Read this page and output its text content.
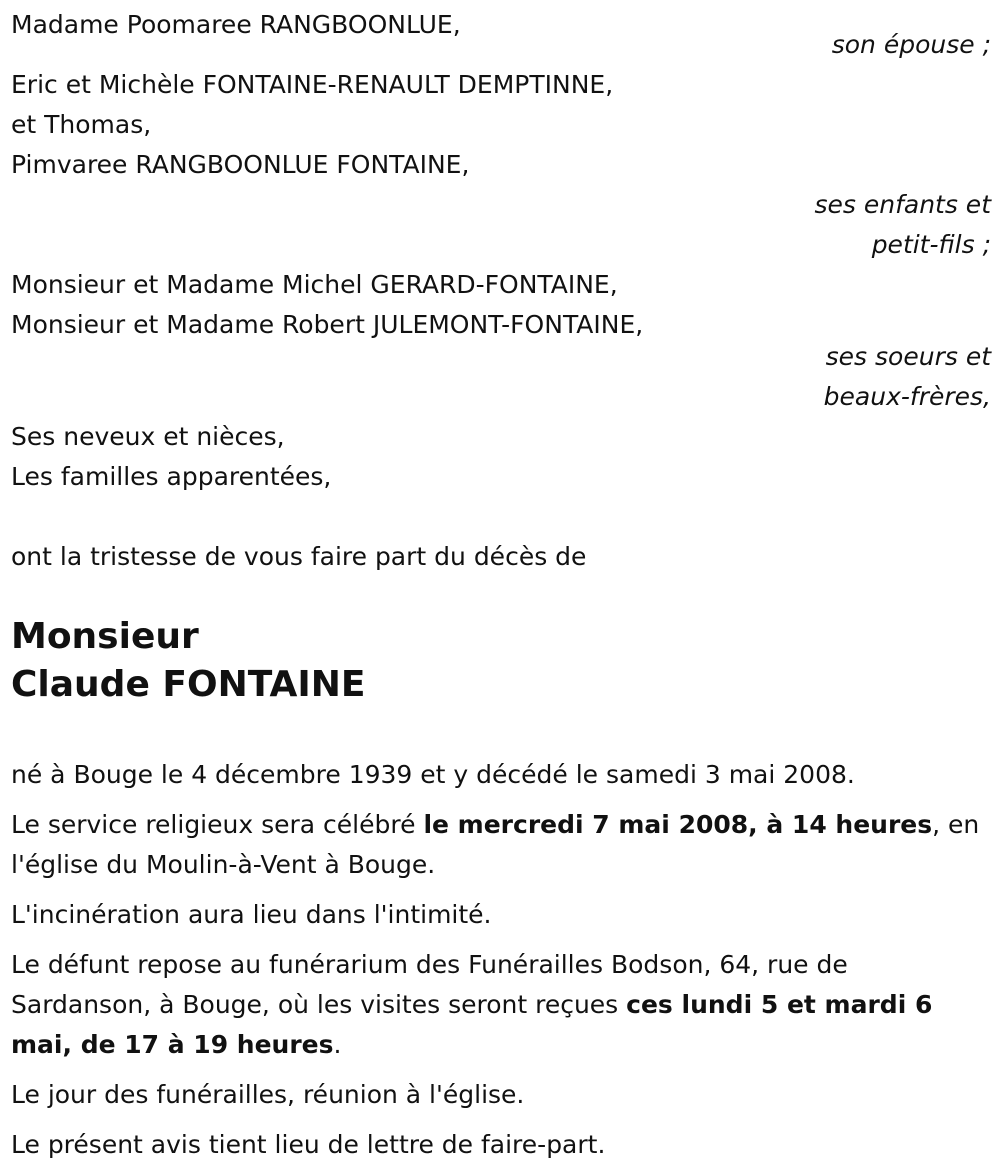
Madame Poomaree RANGBOONLUE,
son épouse ;
Eric et Michèle FONTAINE-RENAULT DEMPTINNE,
et Thomas,
Pimvaree RANGBOONLUE FONTAINE,
ses enfants et
petit-fils ;
Monsieur et Madame Michel GERARD-FONTAINE,
Monsieur et Madame Robert JULEMONT-FONTAINE,
ses soeurs et
beaux-frères,
Ses neveux et nièces,
Les familles apparentées,
ont la tristesse de vous faire part du décès de
Monsieur
Claude FONTAINE
né à Bouge le 4 décembre 1939 et y décédé le samedi 3 mai 2008.
Le service religieux sera célébré le mercredi 7 mai 2008, à 14 heures, en l'église du Moulin-à-Vent à Bouge.
L'incinération aura lieu dans l'intimité.
Le défunt repose au funérarium des Funérailles Bodson, 64, rue de Sardanson, à Bouge, où les visites seront reçues ces lundi 5 et mardi 6 mai, de 17 à 19 heures.
Le jour des funérailles, réunion à l'église.
Le présent avis tient lieu de lettre de faire-part.
